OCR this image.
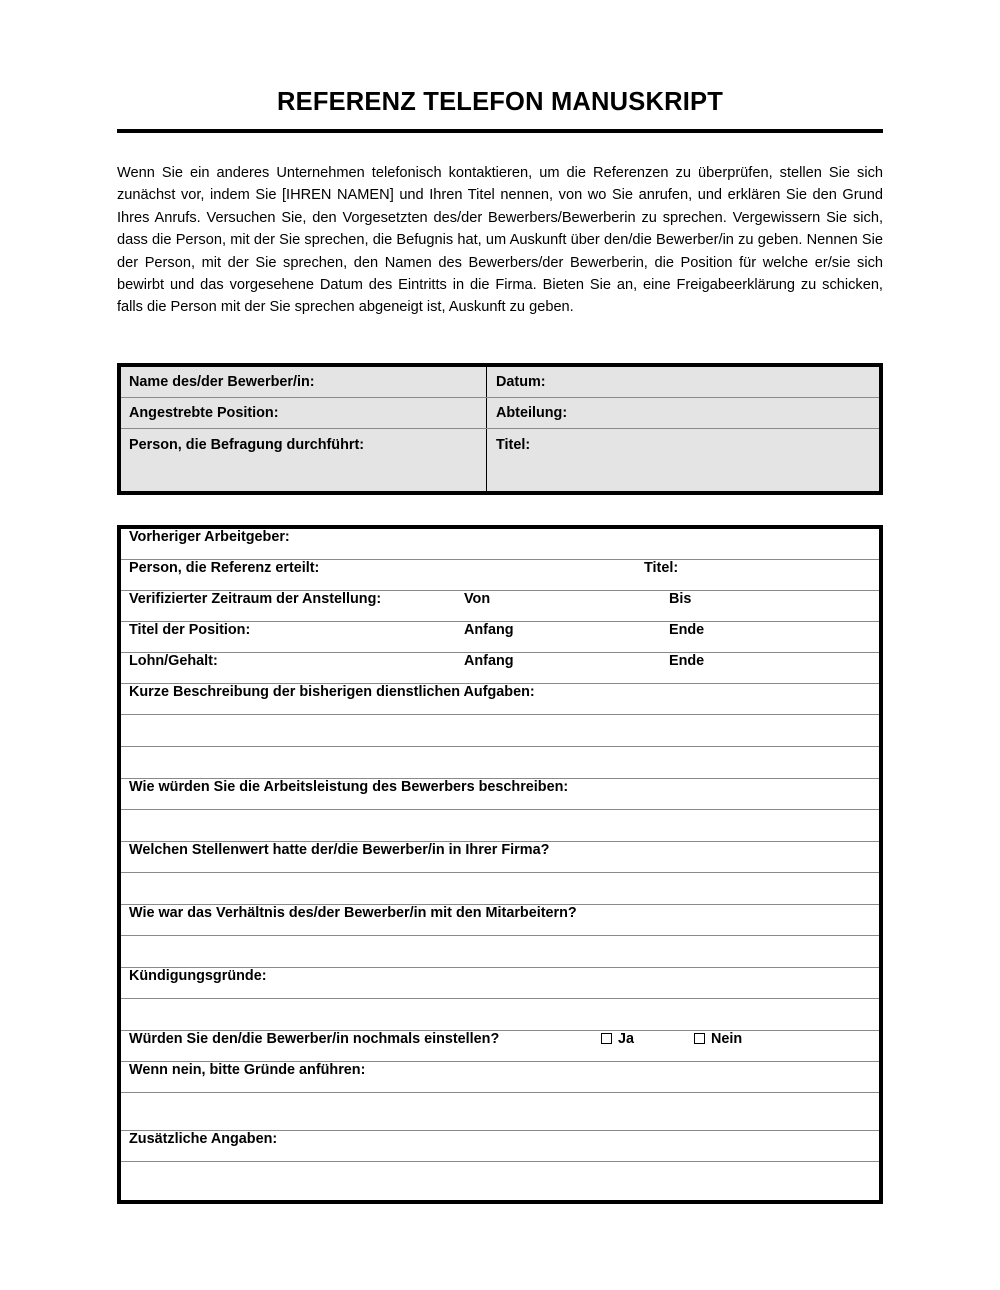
REFERENZ TELEFON MANUSKRIPT

Wenn Sie ein anderes Unternehmen telefonisch kontaktieren, um die Referenzen zu überprüfen, stellen Sie sich zunächst vor, indem Sie [IHREN NAMEN] und Ihren Titel nennen, von wo Sie anrufen, und erklären Sie den Grund Ihres Anrufs. Versuchen Sie, den Vorgesetzten des/der Bewerbers/Bewerberin zu sprechen. Vergewissern Sie sich, dass die Person, mit der Sie sprechen, die Befugnis hat, um Auskunft über den/die Bewerber/in zu geben. Nennen Sie der Person, mit der Sie sprechen, den Namen des Bewerbers/der Bewerberin, die Position für welche er/sie sich bewirbt und das vorgesehene Datum des Eintritts in die Firma. Bieten Sie an, eine Freigabeerklärung zu schicken, falls die Person mit der Sie sprechen abgeneigt ist, Auskunft zu geben.

Name des/der Bewerber/in:	Datum:
Angestrebte Position:	Abteilung:
Person, die Befragung durchführt:	Titel:
Vorheriger Arbeitgeber:
Person, die Referenz erteilt:	Titel:
Verifizierter Zeitraum der Anstellung:	Von	Bis
Titel der Position:	Anfang	Ende
Lohn/Gehalt:	Anfang	Ende
Kurze Beschreibung der bisherigen dienstlichen Aufgaben:
Wie würden Sie die Arbeitsleistung des Bewerbers beschreiben:
Welchen Stellenwert hatte der/die Bewerber/in in Ihrer Firma?
Wie war das Verhältnis des/der Bewerber/in mit den Mitarbeitern?
Kündigungsgründe:
Würden Sie den/die Bewerber/in nochmals einstellen?	Ja	Nein
Wenn nein, bitte Gründe anführen:
Zusätzliche Angaben:
